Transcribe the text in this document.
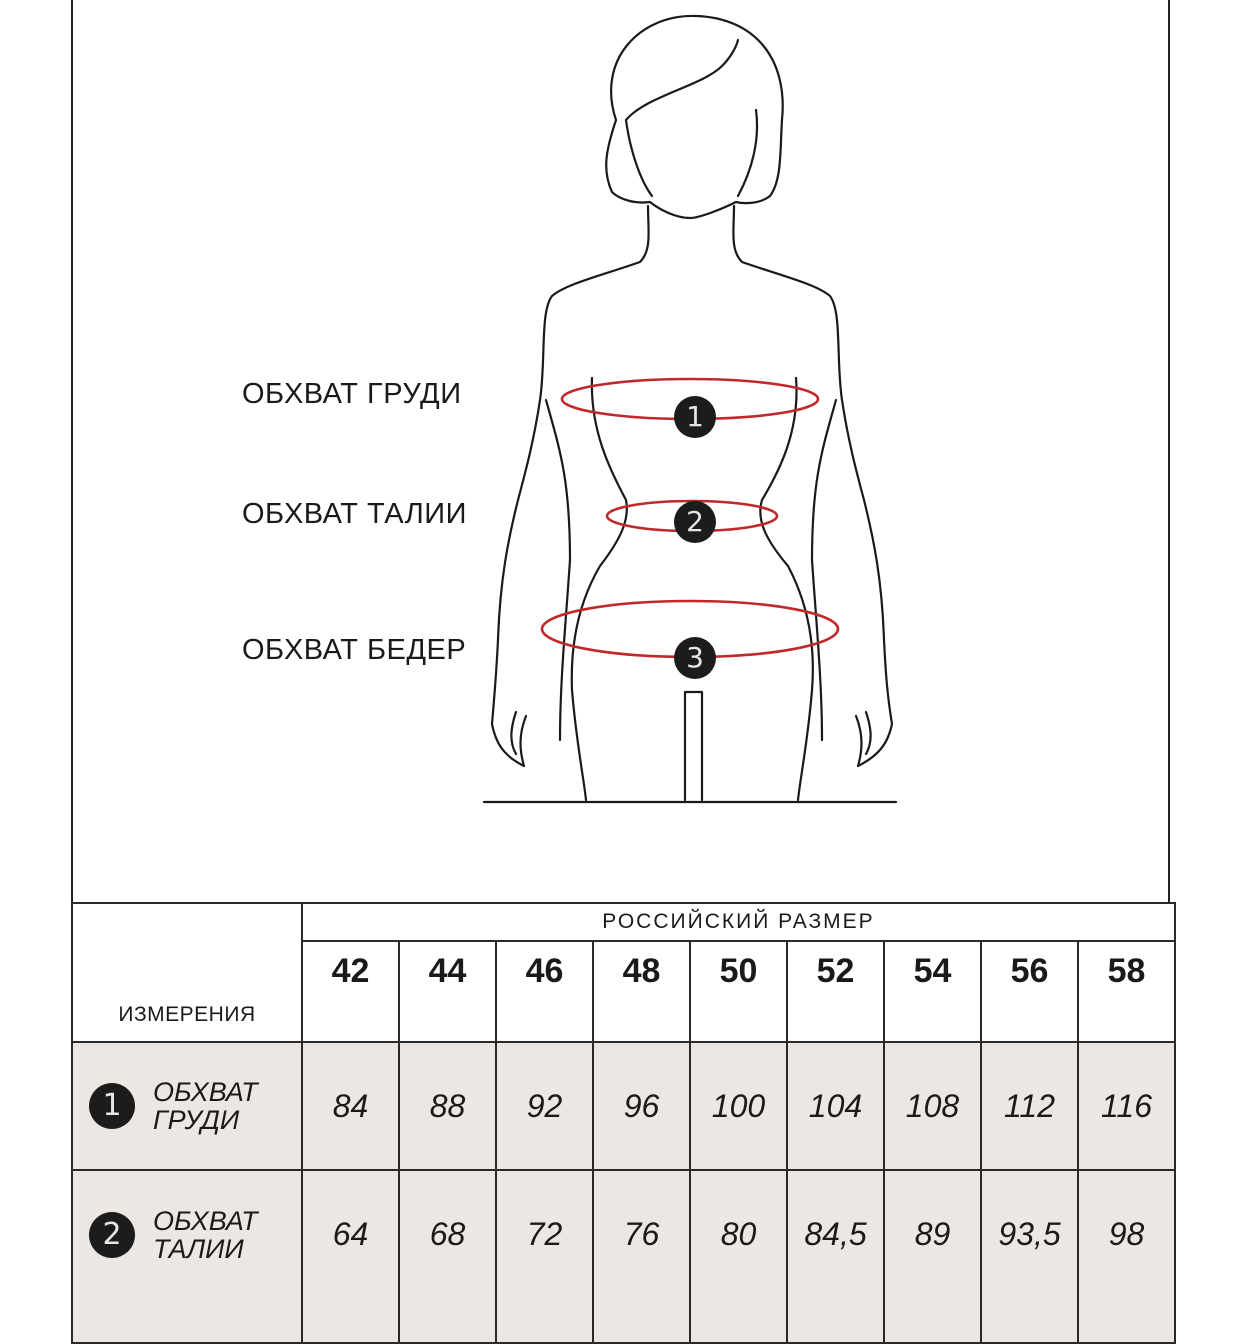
ОБХВАТ ГРУДИ
ОБХВАТ ТАЛИИ
ОБХВАТ БЕДЕР
1
2
3
ИЗМЕРЕНИЯ	РОССИЙСКИЙ РАЗМЕР								
	42	44	46	48	50	52	54	56	58

1 ОБХВАТ
ГРУДИ	84	88	92	96	100	104	108	112	116

2 ОБХВАТ
ТАЛИИ	64	68	72	76	80	84,5	89	93,5	98
